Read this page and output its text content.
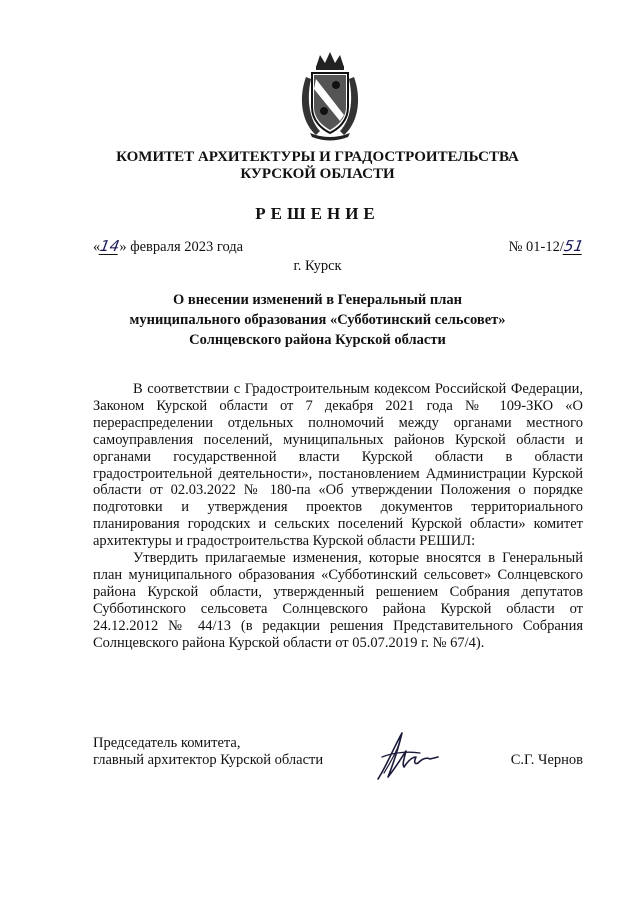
КОМИТЕТ АРХИТЕКТУРЫ И ГРАДОСТРОИТЕЛЬСТВА
КУРСКОЙ ОБЛАСТИ
РЕШЕНИЕ
«14» февраля 2023 года	№ 01-12/51
г. Курск
О внесении изменений в Генеральный план
муниципального образования «Субботинский сельсовет»
Солнцевского района Курской области

В соответствии с Градостроительным кодексом Российской Федерации, Законом Курской области от 7 декабря 2021 года № 109-ЗКО «О перераспределении отдельных полномочий между органами местного самоуправления поселений, муниципальных районов Курской области и органами государственной власти Курской области в области градостроительной деятельности», постановлением Администрации Курской области от 02.03.2022 № 180-па «Об утверждении Положения о порядке подготовки и утверждения проектов документов территориального планирования городских и сельских поселений Курской области» комитет архитектуры и градостроительства Курской области РЕШИЛ:

Утвердить прилагаемые изменения, которые вносятся в Генеральный план муниципального образования «Субботинский сельсовет» Солнцевского района Курской области, утвержденный решением Собрания депутатов Субботинского сельсовета Солнцевского района Курской области от 24.12.2012 № 44/13 (в редакции решения Представительного Собрания Солнцевского района Курской области от 05.07.2019 г. № 67/4).

Председатель комитета,
главный архитектор Курской области	С.Г. Чернов
